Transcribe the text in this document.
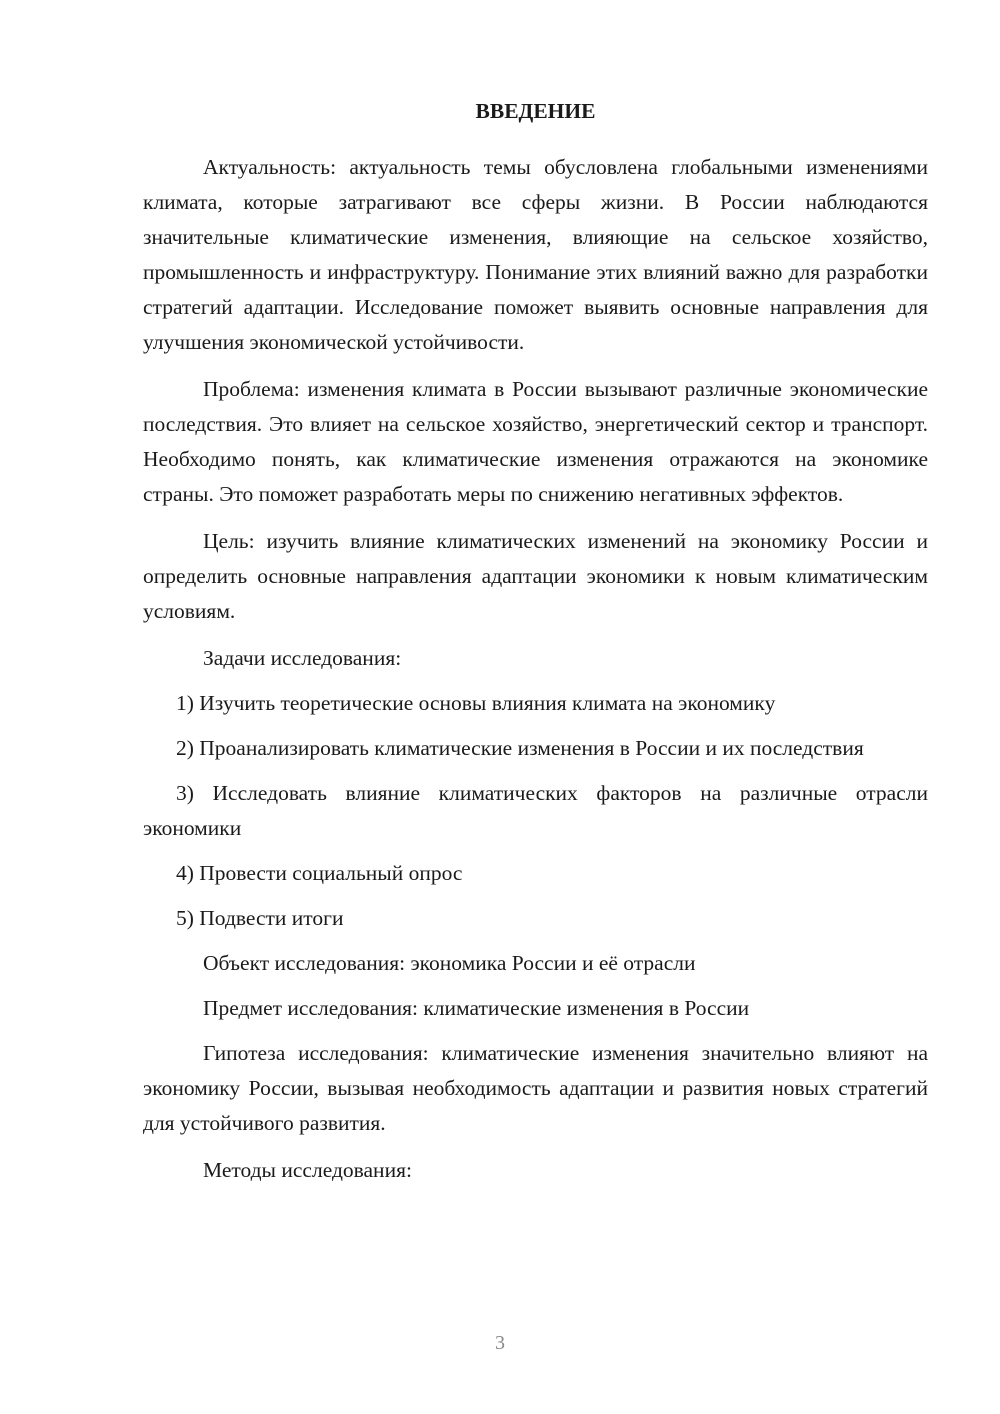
ВВЕДЕНИЕ

Актуальность: актуальность темы обусловлена глобальными изменениями климата, которые затрагивают все сферы жизни. В России наблюдаются значительные климатические изменения, влияющие на сельское хозяйство, промышленность и инфраструктуру. Понимание этих влияний важно для разработки стратегий адаптации. Исследование поможет выявить основные направления для улучшения экономической устойчивости.

Проблема: изменения климата в России вызывают различные экономические последствия. Это влияет на сельское хозяйство, энергетический сектор и транспорт. Необходимо понять, как климатические изменения отражаются на экономике страны. Это поможет разработать меры по снижению негативных эффектов.

Цель: изучить влияние климатических изменений на экономику России и определить основные направления адаптации экономики к новым климатическим условиям.

Задачи исследования:

1) Изучить теоретические основы влияния климата на экономику

2) Проанализировать климатические изменения в России и их последствия

3) Исследовать влияние климатических факторов на различные отрасли экономики

4) Провести социальный опрос

5) Подвести итоги

Объект исследования: экономика России и её отрасли

Предмет исследования: климатические изменения в России

Гипотеза исследования: климатические изменения значительно влияют на экономику России, вызывая необходимость адаптации и развития новых стратегий для устойчивого развития.

Методы исследования:

3
